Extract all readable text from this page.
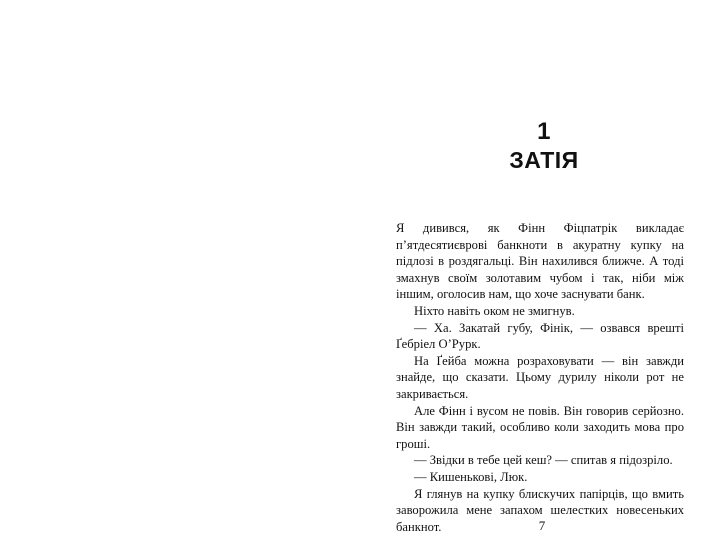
1
ЗАТІЯ

Я дивився, як Фінн Фіцпатрік викладає п’ятдесятиєврові банкноти в акуратну купку на підлозі в роздягальці. Він нахилився ближче. А тоді змахнув своїм золотавим чубом і так, ніби між іншим, оголосив нам, що хоче заснувати банк.

Ніхто навіть оком не змигнув.

— Ха. Закатай губу, Фінік, — озвався врешті Ґебріел О’Рурк.

На Ґейба можна розраховувати — він завжди знайде, що сказати. Цьому дурилу ніколи рот не закривається.

Але Фінн і вусом не повів. Він говорив серйозно. Він завжди такий, особливо коли заходить мова про гроші.

— Звідки в тебе цей кеш? — спитав я підозріло.

— Кишенькові, Люк.

Я глянув на купку блискучих папірців, що вмить заворожила мене запахом шелестких новесеньких банкнот.	7
